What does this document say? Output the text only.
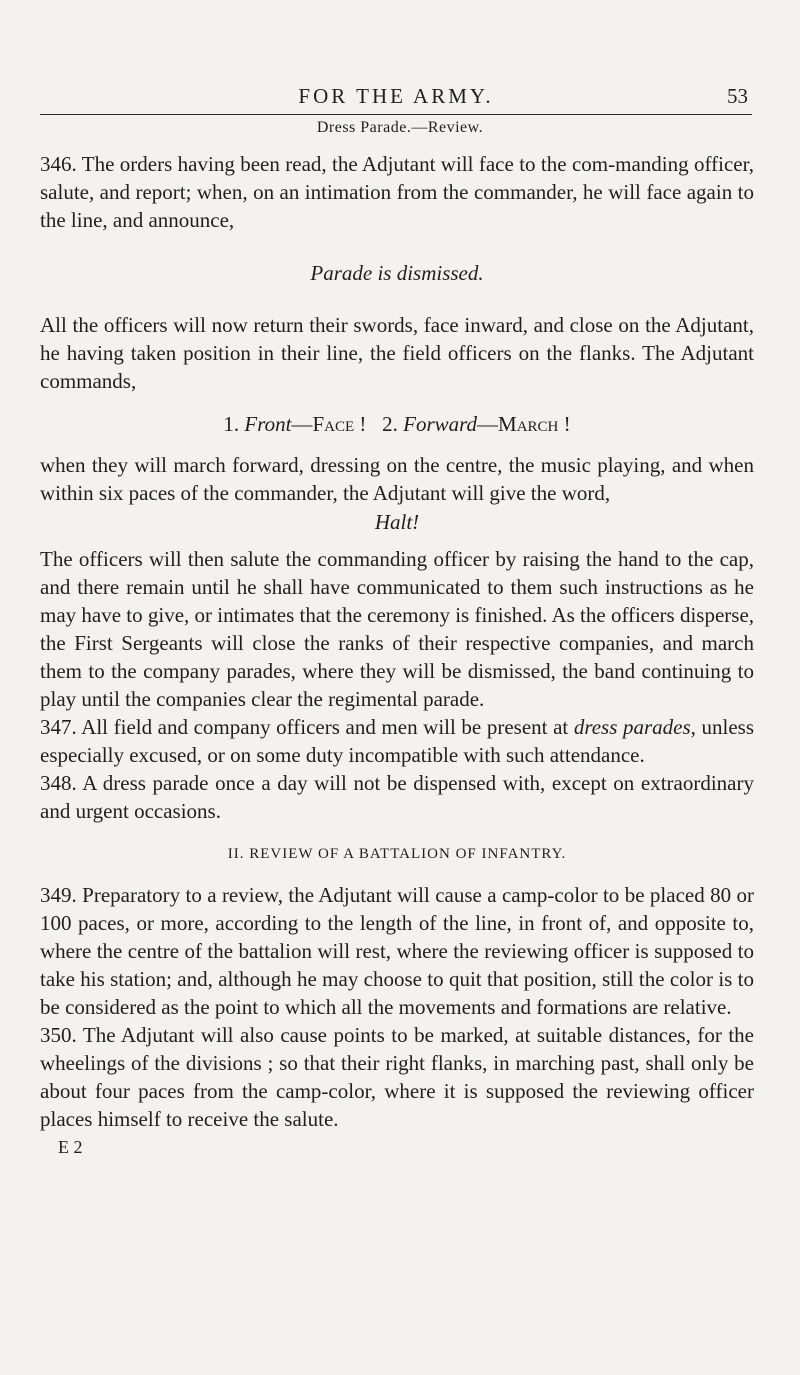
FOR THE ARMY.	53
Dress Parade.—Review.

346. The orders having been read, the Adjutant will face to the com-manding officer, salute, and report; when, on an intimation from the commander, he will face again to the line, and announce,

Parade is dismissed.

All the officers will now return their swords, face inward, and close on the Adjutant, he having taken position in their line, the field officers on the flanks. The Adjutant commands,

1. Front—Face ! 2. Forward—March !

when they will march forward, dressing on the centre, the music playing, and when within six paces of the commander, the Adjutant will give the word,

Halt!

The officers will then salute the commanding officer by raising the hand to the cap, and there remain until he shall have communicated to them such instructions as he may have to give, or intimates that the ceremony is finished. As the officers disperse, the First Sergeants will close the ranks of their respective companies, and march them to the company parades, where they will be dismissed, the band continuing to play until the companies clear the regimental parade.

347. All field and company officers and men will be present at dress parades, unless especially excused, or on some duty incompatible with such attendance.

348. A dress parade once a day will not be dispensed with, except on extraordinary and urgent occasions.

II. REVIEW OF A BATTALION OF INFANTRY.

349. Preparatory to a review, the Adjutant will cause a camp-color to be placed 80 or 100 paces, or more, according to the length of the line, in front of, and opposite to, where the centre of the battalion will rest, where the reviewing officer is supposed to take his station; and, although he may choose to quit that position, still the color is to be considered as the point to which all the movements and formations are relative.

350. The Adjutant will also cause points to be marked, at suitable distances, for the wheelings of the divisions ; so that their right flanks, in marching past, shall only be about four paces from the camp-color, where it is supposed the reviewing officer places himself to receive the salute.

E 2
